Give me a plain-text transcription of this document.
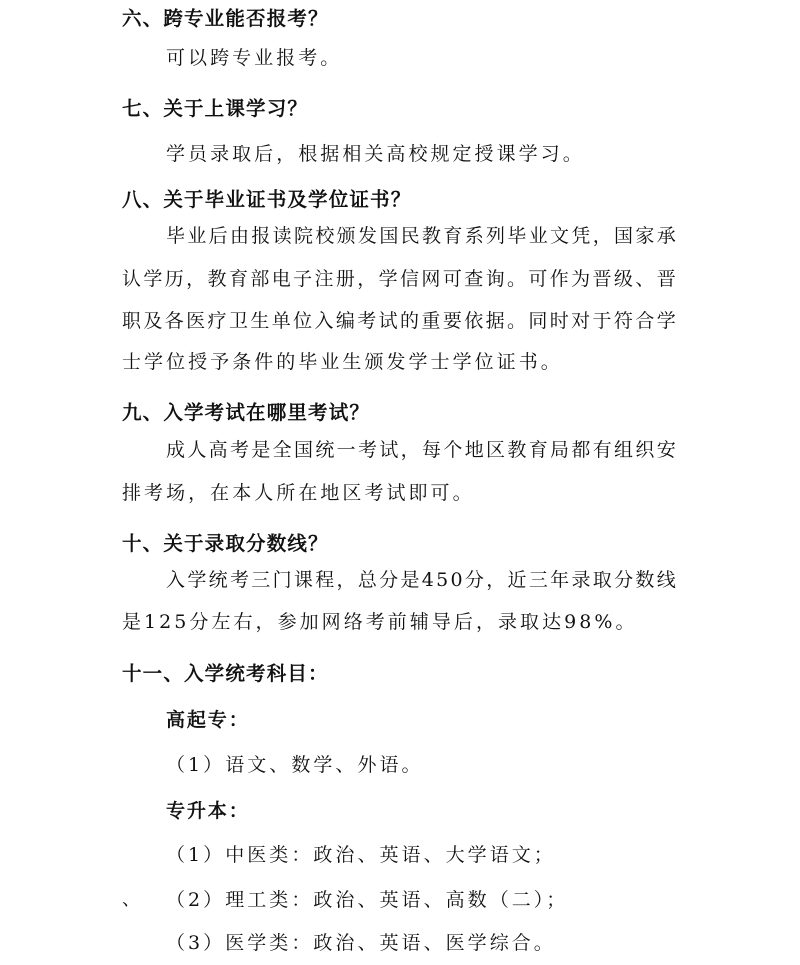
六、跨专业能否报考？
可以跨专业报考。
七、关于上课学习？
学员录取后，根据相关高校规定授课学习。
八、关于毕业证书及学位证书？
毕业后由报读院校颁发国民教育系列毕业文凭，国家承
认学历，教育部电子注册，学信网可查询。可作为晋级、晋
职及各医疗卫生单位入编考试的重要依据。同时对于符合学
士学位授予条件的毕业生颁发学士学位证书。
九、入学考试在哪里考试？
成人高考是全国统一考试，每个地区教育局都有组织安
排考场，在本人所在地区考试即可。
十、关于录取分数线？
入学统考三门课程，总分是450分，近三年录取分数线
是125分左右，参加网络考前辅导后，录取达98%。
十一、入学统考科目：
高起专：
（1）语文、数学、外语。
专升本：
（1）中医类：政治、英语、大学语文；
、 （2）理工类：政治、英语、高数（二）；
（3）医学类：政治、英语、医学综合。
